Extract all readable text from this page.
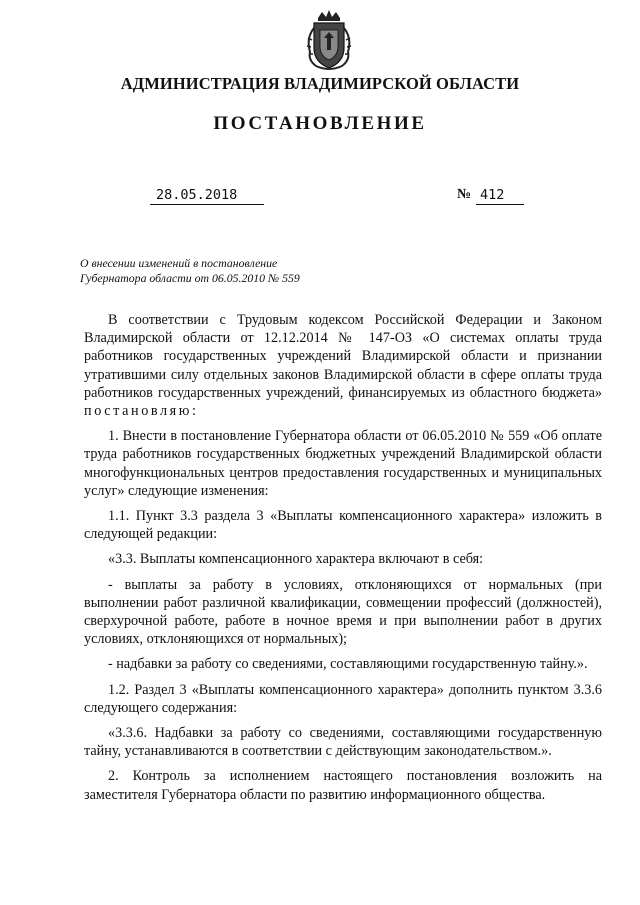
АДМИНИСТРАЦИЯ ВЛАДИМИРСКОЙ ОБЛАСТИ
ПОСТАНОВЛЕНИЕ
28.05.2018	№ 412
О внесении изменений в постановление
Губернатора области от 06.05.2010 № 559

В соответствии с Трудовым кодексом Российской Федерации и Законом Владимирской области от 12.12.2014 № 147-ОЗ «О системах оплаты труда работников государственных учреждений Владимирской области и признании утратившими силу отдельных законов Владимирской области в сфере оплаты труда работников государственных учреждений, финансируемых из областного бюджета» постановляю:

1. Внести в постановление Губернатора области от 06.05.2010 № 559 «Об оплате труда работников государственных бюджетных учреждений Владимирской области многофункциональных центров предоставления государственных и муниципальных услуг» следующие изменения:

1.1. Пункт 3.3 раздела 3 «Выплаты компенсационного характера» изложить в следующей редакции:

«3.3. Выплаты компенсационного характера включают в себя:

- выплаты за работу в условиях, отклоняющихся от нормальных (при выполнении работ различной квалификации, совмещении профессий (должностей), сверхурочной работе, работе в ночное время и при выполнении работ в других условиях, отклоняющихся от нормальных);

- надбавки за работу со сведениями, составляющими государственную тайну.».

1.2. Раздел 3 «Выплаты компенсационного характера» дополнить пунктом 3.3.6 следующего содержания:

«3.3.6. Надбавки за работу со сведениями, составляющими государственную тайну, устанавливаются в соответствии с действующим законодательством.».

2. Контроль за исполнением настоящего постановления возложить на заместителя Губернатора области по развитию информационного общества.
